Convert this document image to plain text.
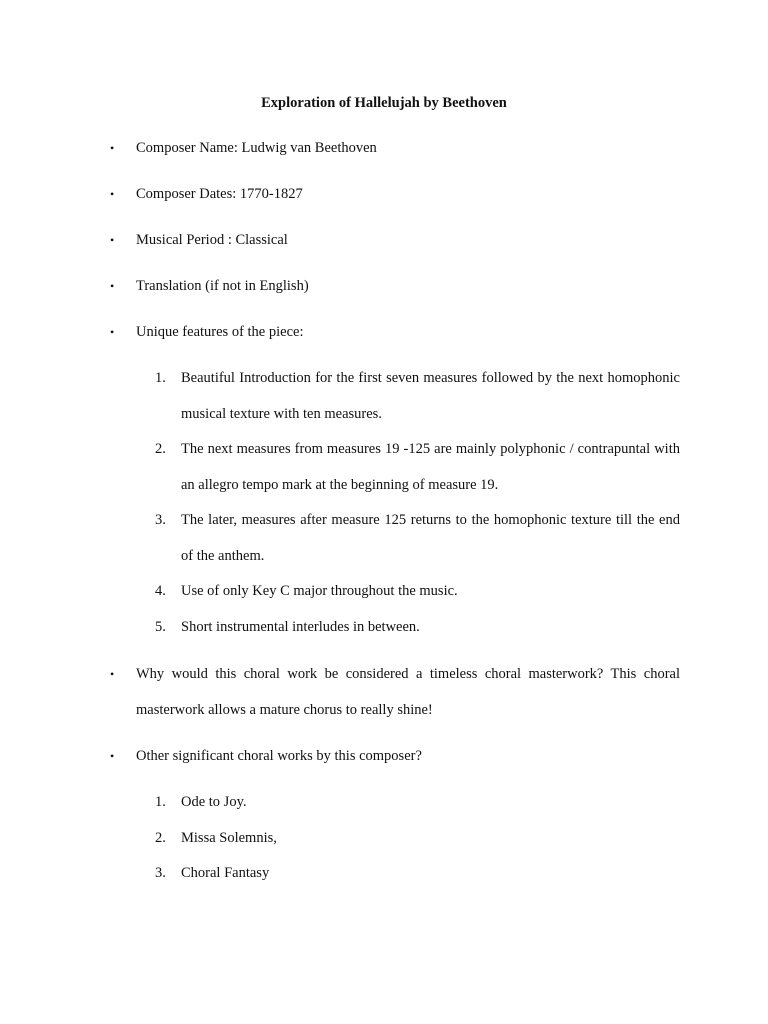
Exploration of Hallelujah by Beethoven
•	Composer Name: Ludwig van Beethoven
•	Composer Dates: 1770-1827
•	Musical Period : Classical
•	Translation (if not in English)
•	Unique features of the piece:
1.	Beautiful Introduction for the first seven measures followed by the next homophonic musical texture with ten measures.
2.	The next measures from measures 19 -125 are mainly polyphonic / contrapuntal with an allegro tempo mark at the beginning of measure 19.
3.	The later, measures after measure 125 returns to the homophonic texture till the end of the anthem.
4.	Use of only Key C major throughout the music.
5.	Short instrumental interludes in between.
•	Why would this choral work be considered a timeless choral masterwork? This choral masterwork allows a mature chorus to really shine!
•	Other significant choral works by this composer?
1.	Ode to Joy.
2.	Missa Solemnis,
3.	Choral Fantasy
